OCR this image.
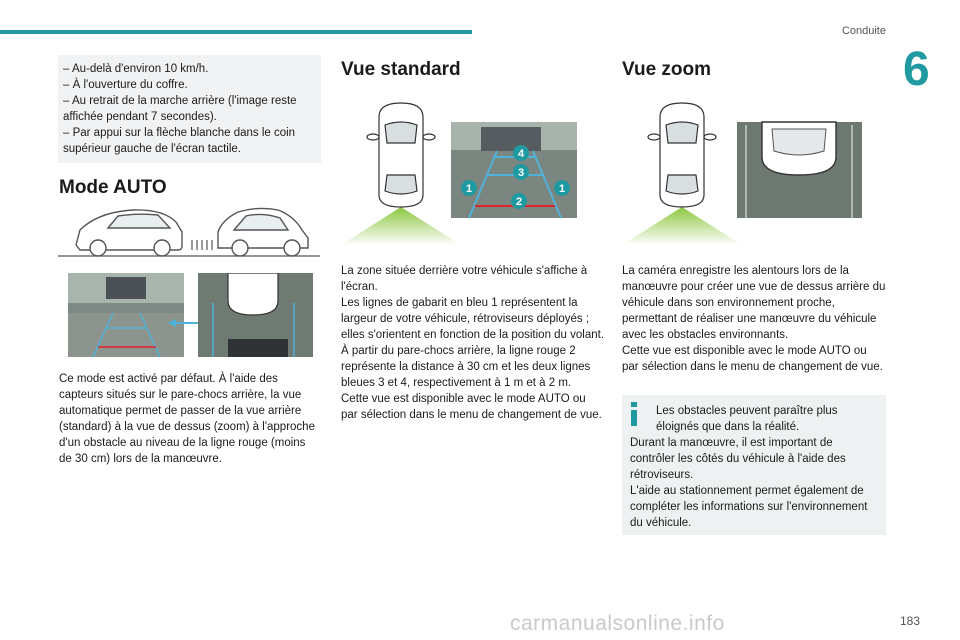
Conduite
6

– Au-delà d'environ 10 km/h.

– À l'ouverture du coffre.

– Au retrait de la marche arrière (l'image reste affichée pendant 7 secondes).

– Par appui sur la flèche blanche dans le coin supérieur gauche de l'écran tactile.

Mode AUTO

Ce mode est activé par défaut. À l'aide des capteurs situés sur le pare-chocs arrière, la vue automatique permet de passer de la vue arrière (standard) à la vue de dessus (zoom) à l'approche d'un obstacle au niveau de la ligne rouge (moins de 30 cm) lors de la manœuvre.

Vue standard
4
3
1	1
2

La zone située derrière votre véhicule s'affiche à l'écran.

Les lignes de gabarit en bleu 1 représentent la largeur de votre véhicule, rétroviseurs déployés ; elles s'orientent en fonction de la position du volant.

À partir du pare-chocs arrière, la ligne rouge 2 représente la distance à 30 cm et les deux lignes bleues 3 et 4, respectivement à 1 m et à 2 m.

Cette vue est disponible avec le mode AUTO ou par sélection dans le menu de changement de vue.

Vue zoom

La caméra enregistre les alentours lors de la manœuvre pour créer une vue de dessus arrière du véhicule dans son environnement proche, permettant de réaliser une manœuvre du véhicule avec les obstacles environnants.

Cette vue est disponible avec le mode AUTO ou par sélection dans le menu de changement de vue.

Les obstacles peuvent paraître plus éloignés que dans la réalité.

Durant la manœuvre, il est important de contrôler les côtés du véhicule à l'aide des rétroviseurs.

L'aide au stationnement permet également de compléter les informations sur l'environnement du véhicule.

carmanualsonline.info	183
